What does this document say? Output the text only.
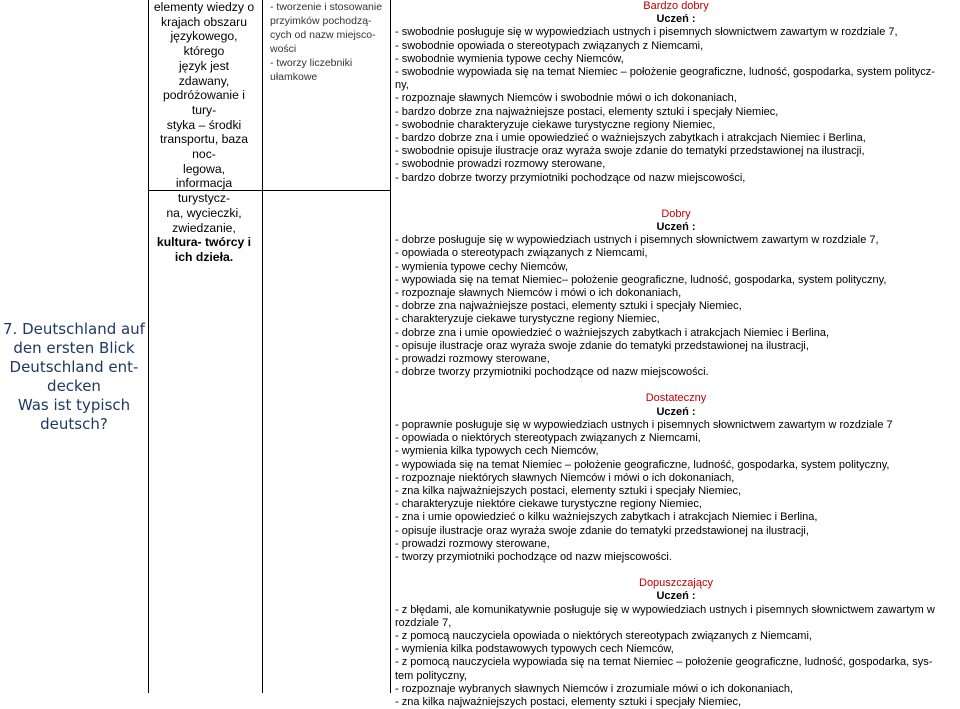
7. Deutschland auf
den ersten Blick
Deutschland ent-
decken
Was ist typisch
deutsch?
elementy wiedzy o
krajach obszaru
językowego, którego
język jest
zdawany,
podróżowanie i tury-
styka – środki
transportu, baza noc-
legowa,
informacja turystycz-
na, wycieczki,
zwiedzanie,
kultura- twórcy i
ich dzieła.
- tworzenie i stosowanie
przyimków pochodzą-
cych od nazw miejsco-
wości
- tworzy liczebniki
ułamkowe
Bardzo dobry
Uczeń :
- swobodnie posługuje się w wypowiedziach ustnych i pisemnych słownictwem zawartym w rozdziale 7,
- swobodnie opowiada o stereotypach związanych z Niemcami,
- swobodnie wymienia typowe cechy Niemców,
- swobodnie wypowiada się na temat Niemiec – położenie geograficzne, ludność, gospodarka, system politycz-
ny,
- rozpoznaje sławnych Niemców i swobodnie mówi o ich dokonaniach,
- bardzo dobrze zna najważniejsze postaci, elementy sztuki i specjały Niemiec,
- swobodnie charakteryzuje ciekawe turystyczne regiony Niemiec,
- bardzo dobrze zna i umie opowiedzieć o ważniejszych zabytkach i atrakcjach Niemiec i Berlina,
- swobodnie opisuje ilustracje oraz wyraża swoje zdanie do tematyki przedstawionej na ilustracji,
- swobodnie prowadzi rozmowy sterowane,
- bardzo dobrze tworzy przymiotniki pochodzące od nazw miejscowości,
Dobry
Uczeń :
- dobrze posługuje się w wypowiedziach ustnych i pisemnych słownictwem zawartym w rozdziale 7,
- opowiada o stereotypach związanych z Niemcami,
- wymienia typowe cechy Niemców,
- wypowiada się na temat Niemiec– położenie geograficzne, ludność, gospodarka, system polityczny,
- rozpoznaje sławnych Niemców i mówi o ich dokonaniach,
- dobrze zna najważniejsze postaci, elementy sztuki i specjały Niemiec,
- charakteryzuje ciekawe turystyczne regiony Niemiec,
- dobrze zna i umie opowiedzieć o ważniejszych zabytkach i atrakcjach Niemiec i Berlina,
- opisuje ilustracje oraz wyraża swoje zdanie do tematyki przedstawionej na ilustracji,
- prowadzi rozmowy sterowane,
- dobrze tworzy przymiotniki pochodzące od nazw miejscowości.
Dostateczny
Uczeń :
- poprawnie posługuje się w wypowiedziach ustnych i pisemnych słownictwem zawartym w rozdziale 7
- opowiada o niektórych stereotypach związanych z Niemcami,
- wymienia kilka typowych cech Niemców,
- wypowiada się na temat Niemiec – położenie geograficzne, ludność, gospodarka, system polityczny,
- rozpoznaje niektórych sławnych Niemców i mówi o ich dokonaniach,
- zna kilka najważniejszych postaci, elementy sztuki i specjały Niemiec,
- charakteryzuje niektóre ciekawe turystyczne regiony Niemiec,
- zna i umie opowiedzieć o kilku ważniejszych zabytkach i atrakcjach Niemiec i Berlina,
- opisuje ilustracje oraz wyraża swoje zdanie do tematyki przedstawionej na ilustracji,
- prowadzi rozmowy sterowane,
- tworzy przymiotniki pochodzące od nazw miejscowości.
Dopuszczający
Uczeń :
- z błędami, ale komunikatywnie posługuje się w wypowiedziach ustnych i pisemnych słownictwem zawartym w
rozdziale 7,
- z pomocą nauczyciela opowiada o niektórych stereotypach związanych z Niemcami,
- wymienia kilka podstawowych typowych cech Niemców,
- z pomocą nauczyciela wypowiada się na temat Niemiec – położenie geograficzne, ludność, gospodarka, sys-
tem polityczny,
- rozpoznaje wybranych sławnych Niemców i zrozumiale mówi o ich dokonaniach,
- zna kilka najważniejszych postaci, elementy sztuki i specjały Niemiec,
